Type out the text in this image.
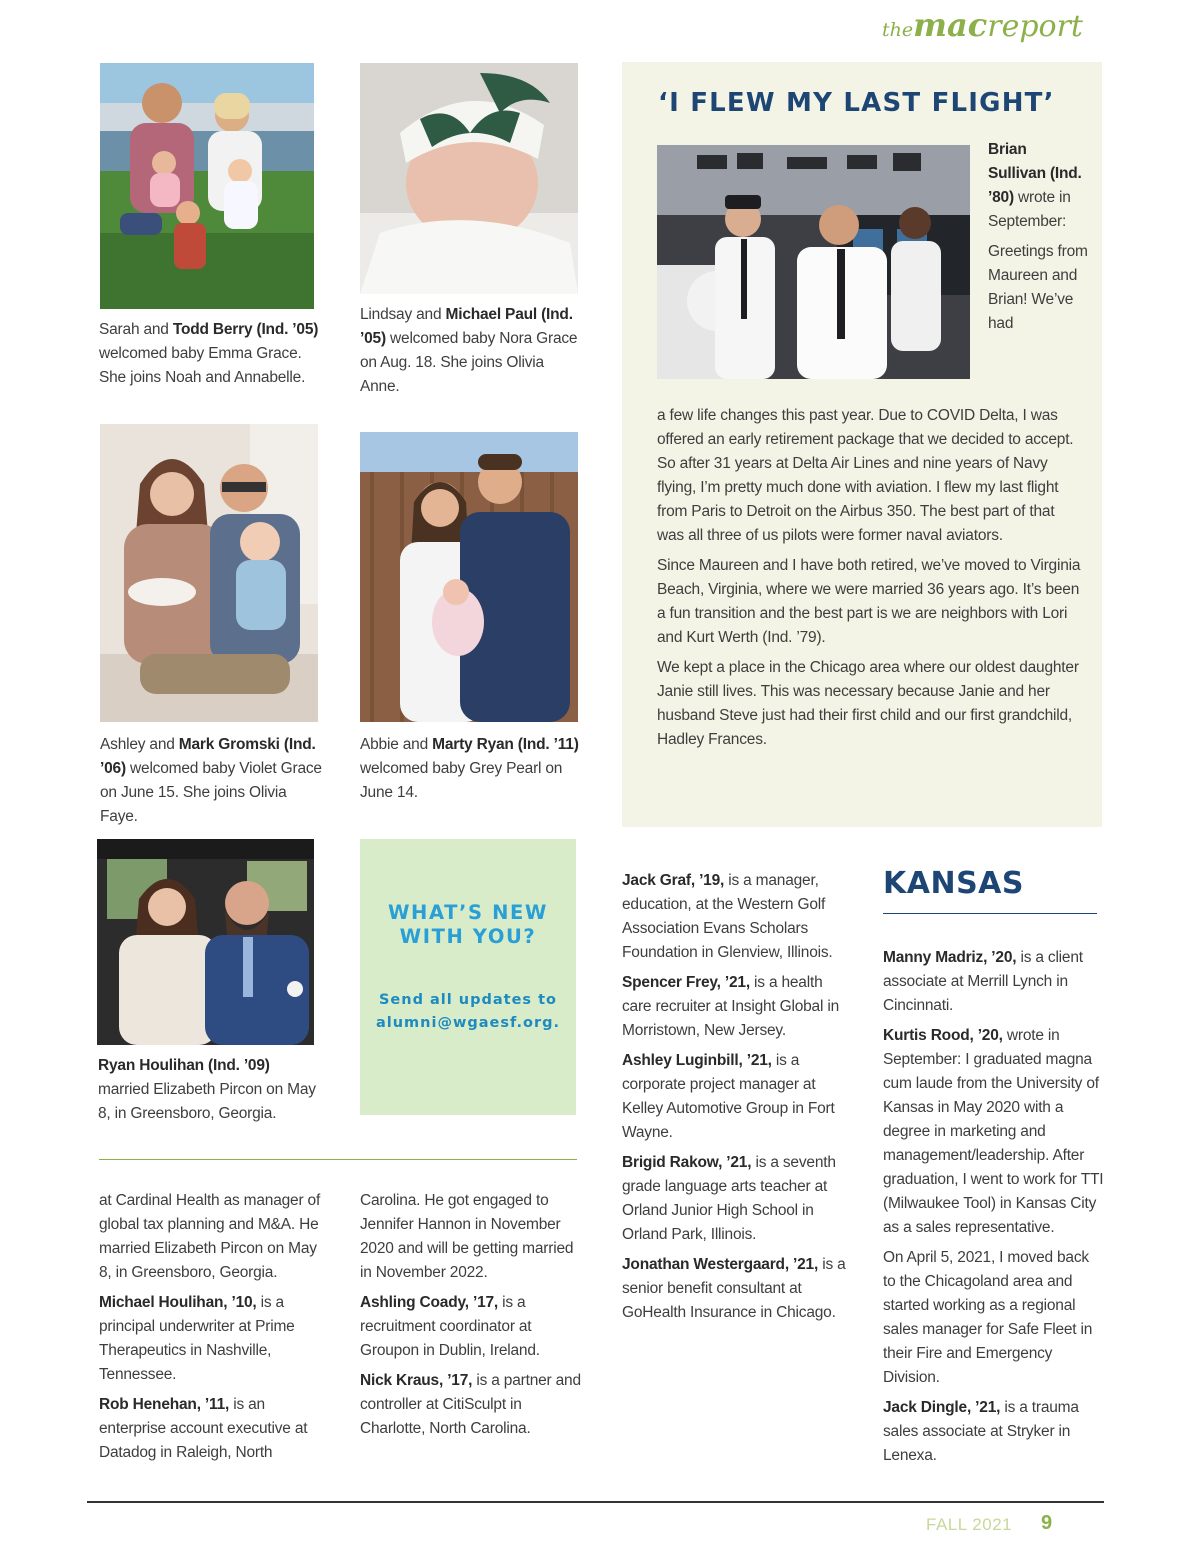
themacreport
Sarah and Todd Berry (Ind. ’05) welcomed baby Emma Grace. She joins Noah and Annabelle.
Lindsay and Michael Paul (Ind. ’05) welcomed baby Nora Grace on Aug. 18. She joins Olivia Anne.
Ashley and Mark Gromski (Ind. ’06) welcomed baby Violet Grace on June 15. She joins Olivia Faye.
Abbie and Marty Ryan (Ind. ’11) welcomed baby Grey Pearl on June 14.
Ryan Houlihan (Ind. ’09) married Elizabeth Pircon on May 8, in Greensboro, Georgia.
‘I FLEW MY LAST FLIGHT’

Brian Sullivan (Ind. ’80) wrote in September:

Greetings from Maureen and Brian! We’ve had

a few life changes this past year. Due to COVID Delta, I was offered an early retirement package that we decided to accept. So after 31 years at Delta Air Lines and nine years of Navy flying, I’m pretty much done with aviation. I flew my last flight from Paris to Detroit on the Airbus 350. The best part of that was all three of us pilots were former naval aviators.

Since Maureen and I have both retired, we’ve moved to Virginia Beach, Virginia, where we were married 36 years ago. It’s been a fun transition and the best part is we are neighbors with Lori and Kurt Werth (Ind. ’79).

We kept a place in the Chicago area where our oldest daughter Janie still lives. This was necessary because Janie and her husband Steve just had their first child and our first grandchild, Hadley Frances.

WHAT’S NEW
WITH YOU?
Send all updates to
alumni@wgaesf.org.

Jack Graf, ’19, is a manager, education, at the Western Golf Association Evans Scholars Foundation in Glenview, Illinois.

Spencer Frey, ’21, is a health care recruiter at Insight Global in Morristown, New Jersey.

Ashley Luginbill, ’21, is a corporate project manager at Kelley Automotive Group in Fort Wayne.

Brigid Rakow, ’21, is a seventh grade language arts teacher at Orland Junior High School in Orland Park, Illinois.

Jonathan Westergaard, ’21, is a senior benefit consultant at GoHealth Insurance in Chicago.

KANSAS

Manny Madriz, ’20, is a client associate at Merrill Lynch in Cincinnati.

Kurtis Rood, ’20, wrote in September: I graduated magna cum laude from the University of Kansas in May 2020 with a degree in marketing and management/leadership. After graduation, I went to work for TTI (Milwaukee Tool) in Kansas City as a sales representative.

On April 5, 2021, I moved back to the Chicagoland area and started working as a regional sales manager for Safe Fleet in their Fire and Emergency Division.

Jack Dingle, ’21, is a trauma sales associate at Stryker in Lenexa.

at Cardinal Health as manager of global tax planning and M&A. He married Elizabeth Pircon on May 8, in Greensboro, Georgia.

Michael Houlihan, ’10, is a principal underwriter at Prime Therapeutics in Nashville, Tennessee.

Rob Henehan, ’11, is an enterprise account executive at Datadog in Raleigh, North

Carolina. He got engaged to Jennifer Hannon in November 2020 and will be getting married in November 2022.

Ashling Coady, ’17, is a recruitment coordinator at Groupon in Dublin, Ireland.

Nick Kraus, ’17, is a partner and controller at CitiSculpt in Charlotte, North Carolina.

FALL 2021 9
